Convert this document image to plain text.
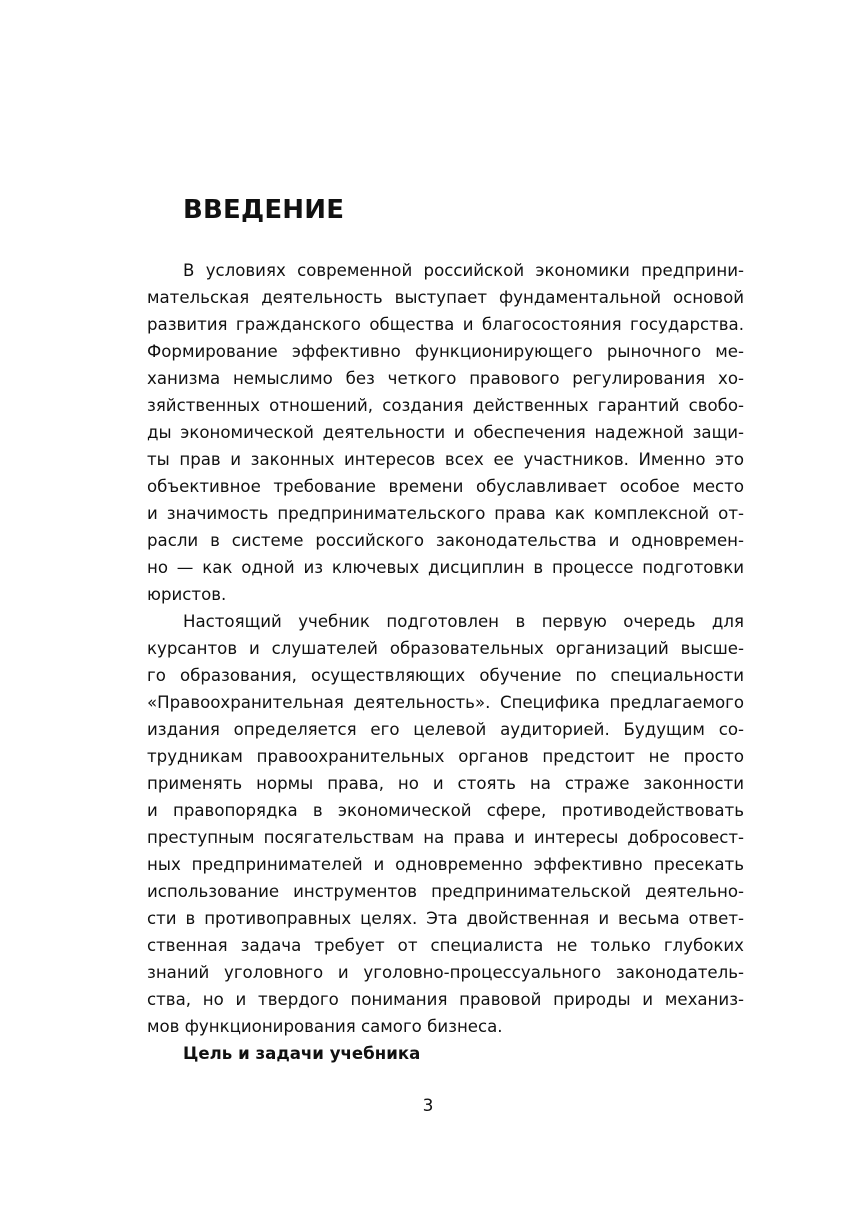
ВВЕДЕНИЕ
В условиях современной российской экономики предприни-
мательская деятельность выступает фундаментальной основой
развития гражданского общества и благосостояния государства.
Формирование эффективно функционирующего рыночного ме-
ханизма немыслимо без четкого правового регулирования хо-
зяйственных отношений, создания действенных гарантий свобо-
ды экономической деятельности и обеспечения надежной защи-
ты прав и законных интересов всех ее участников. Именно это
объективное требование времени обуславливает особое место
и значимость предпринимательского права как комплексной от-
расли в системе российского законодательства и одновремен-
но — как одной из ключевых дисциплин в процессе подготовки
юристов.
Настоящий учебник подготовлен в первую очередь для
курсантов и слушателей образовательных организаций высше-
го образования, осуществляющих обучение по специальности
«Правоохранительная деятельность». Специфика предлагаемого
издания определяется его целевой аудиторией. Будущим со-
трудникам правоохранительных органов предстоит не просто
применять нормы права, но и стоять на страже законности
и правопорядка в экономической сфере, противодействовать
преступным посягательствам на права и интересы добросовест-
ных предпринимателей и одновременно эффективно пресекать
использование инструментов предпринимательской деятельно-
сти в противоправных целях. Эта двойственная и весьма ответ-
ственная задача требует от специалиста не только глубоких
знаний уголовного и уголовно-процессуального законодатель-
ства, но и твердого понимания правовой природы и механиз-
мов функционирования самого бизнеса.
Цель и задачи учебника
3
